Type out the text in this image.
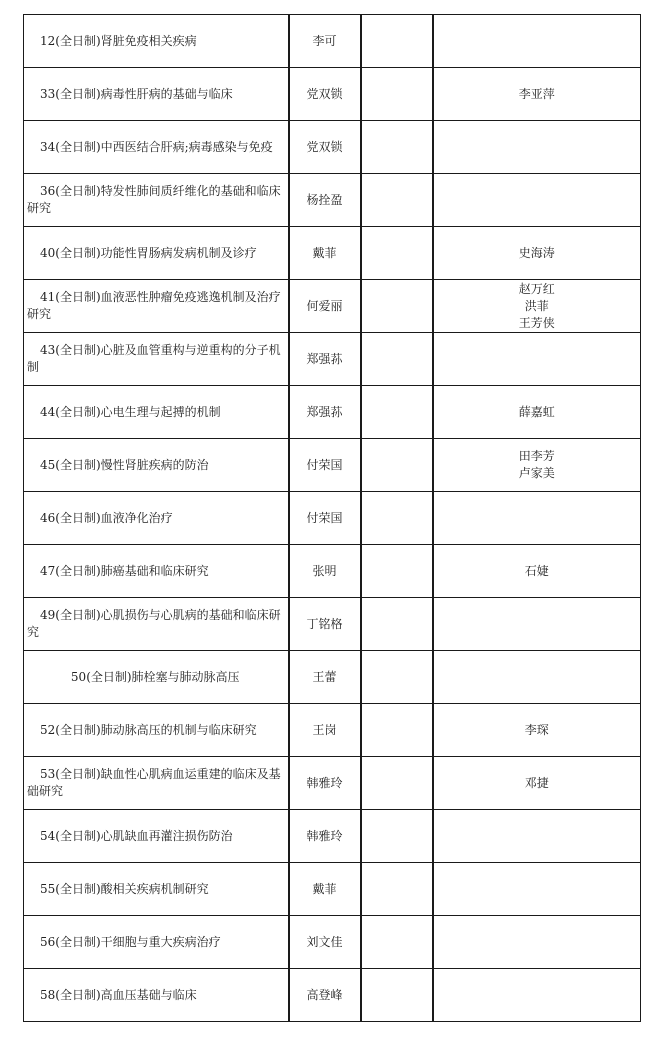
12(全日制)肾脏免疫相关疾病	李可		

33(全日制)病毒性肝病的基础与临床	党双锁		李亚萍

34(全日制)中西医结合肝病;病毒感染与免疫	党双锁		

36(全日制)特发性肺间质纤维化的基础和临床研究	杨拴盈		

40(全日制)功能性胃肠病发病机制及诊疗	戴菲		史海涛

41(全日制)血液恶性肿瘤免疫逃逸机制及治疗研究	何爱丽		赵万红
洪菲
王芳侠

43(全日制)心脏及血管重构与逆重构的分子机制	郑强荪		

44(全日制)心电生理与起搏的机制	郑强荪		薛嘉虹

45(全日制)慢性肾脏疾病的防治	付荣国		田李芳
卢家美

46(全日制)血液净化治疗	付荣国		

47(全日制)肺癌基础和临床研究	张明		石婕

49(全日制)心肌损伤与心肌病的基础和临床研究	丁铭格		

50(全日制)肺栓塞与肺动脉高压	王蕾		

52(全日制)肺动脉高压的机制与临床研究	王岗		李琛

53(全日制)缺血性心肌病血运重建的临床及基础研究	韩雅玲		邓捷

54(全日制)心肌缺血再灌注损伤防治	韩雅玲		

55(全日制)酸相关疾病机制研究	戴菲		

56(全日制)干细胞与重大疾病治疗	刘文佳		

58(全日制)高血压基础与临床	高登峰		
